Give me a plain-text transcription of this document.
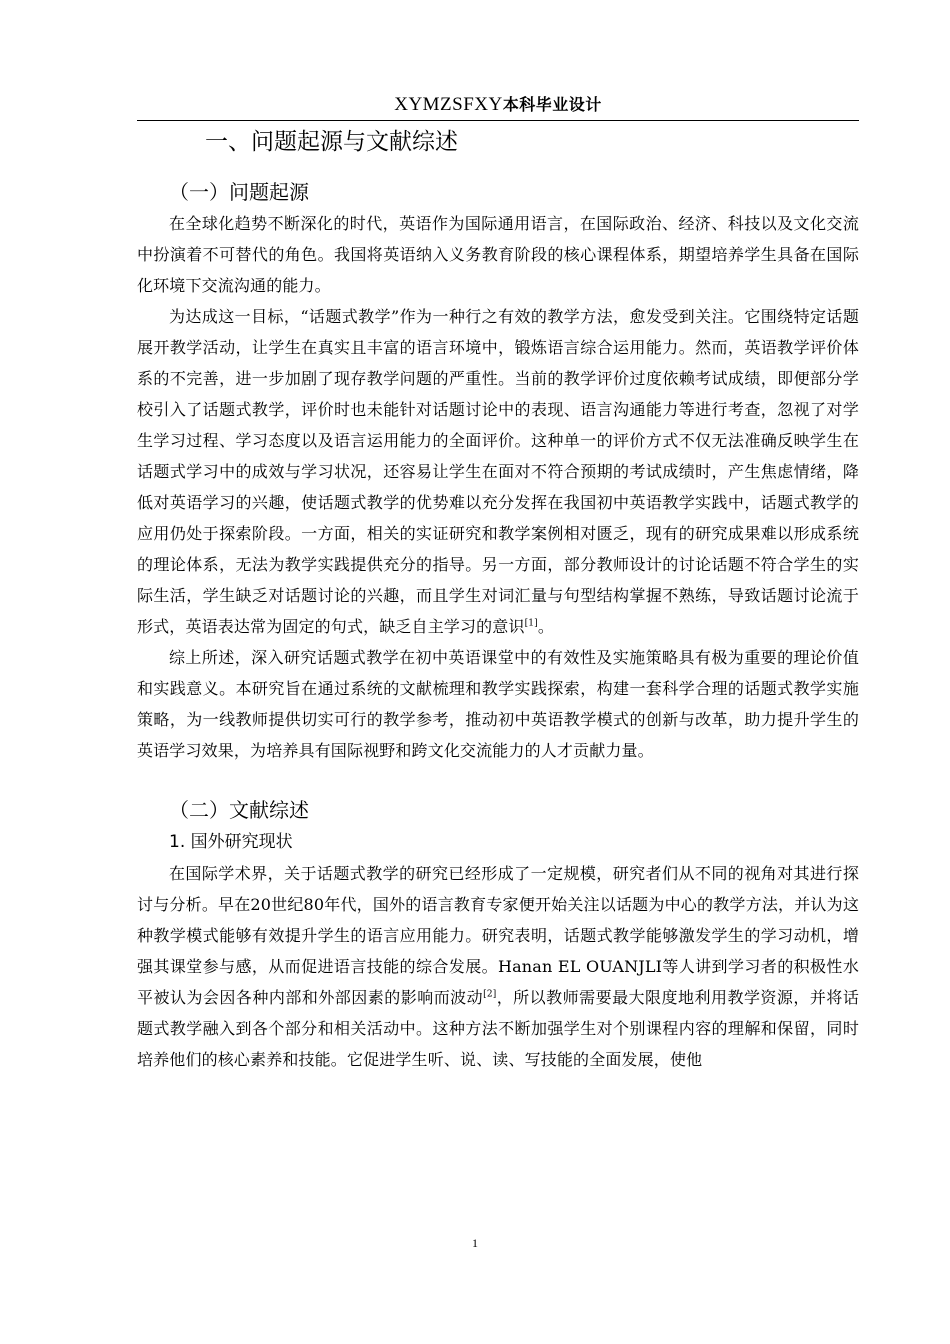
XYMZSFXY本科毕业设计
一、问题起源与文献综述
（一）问题起源

在全球化趋势不断深化的时代，英语作为国际通用语言，在国际政治、经济、科技以及文化交流中扮演着不可替代的角色。我国将英语纳入义务教育阶段的核心课程体系，期望培养学生具备在国际化环境下交流沟通的能力。

为达成这一目标，“话题式教学”作为一种行之有效的教学方法，愈发受到关注。它围绕特定话题展开教学活动，让学生在真实且丰富的语言环境中，锻炼语言综合运用能力。然而，英语教学评价体系的不完善，进一步加剧了现存教学问题的严重性。当前的教学评价过度依赖考试成绩，即便部分学校引入了话题式教学，评价时也未能针对话题讨论中的表现、语言沟通能力等进行考查，忽视了对学生学习过程、学习态度以及语言运用能力的全面评价。这种单一的评价方式不仅无法准确反映学生在话题式学习中的成效与学习状况，还容易让学生在面对不符合预期的考试成绩时，产生焦虑情绪，降低对英语学习的兴趣，使话题式教学的优势难以充分发挥在我国初中英语教学实践中，话题式教学的应用仍处于探索阶段。一方面，相关的实证研究和教学案例相对匮乏，现有的研究成果难以形成系统的理论体系，无法为教学实践提供充分的指导。另一方面，部分教师设计的讨论话题不符合学生的实际生活，学生缺乏对话题讨论的兴趣，而且学生对词汇量与句型结构掌握不熟练，导致话题讨论流于形式，英语表达常为固定的句式，缺乏自主学习的意识[1]。

综上所述，深入研究话题式教学在初中英语课堂中的有效性及实施策略具有极为重要的理论价值和实践意义。本研究旨在通过系统的文献梳理和教学实践探索，构建一套科学合理的话题式教学实施策略，为一线教师提供切实可行的教学参考，推动初中英语教学模式的创新与改革，助力提升学生的英语学习效果，为培养具有国际视野和跨文化交流能力的人才贡献力量。

（二）文献综述
1. 国外研究现状

在国际学术界，关于话题式教学的研究已经形成了一定规模，研究者们从不同的视角对其进行探讨与分析。早在20世纪80年代，国外的语言教育专家便开始关注以话题为中心的教学方法，并认为这种教学模式能够有效提升学生的语言应用能力。研究表明，话题式教学能够激发学生的学习动机，增强其课堂参与感，从而促进语言技能的综合发展。Hanan EL OUANJLI等人讲到学习者的积极性水平被认为会因各种内部和外部因素的影响而波动[2]，所以教师需要最大限度地利用教学资源，并将话题式教学融入到各个部分和相关活动中。这种方法不断加强学生对个别课程内容的理解和保留，同时培养他们的核心素养和技能。它促进学生听、说、读、写技能的全面发展，使他

1
